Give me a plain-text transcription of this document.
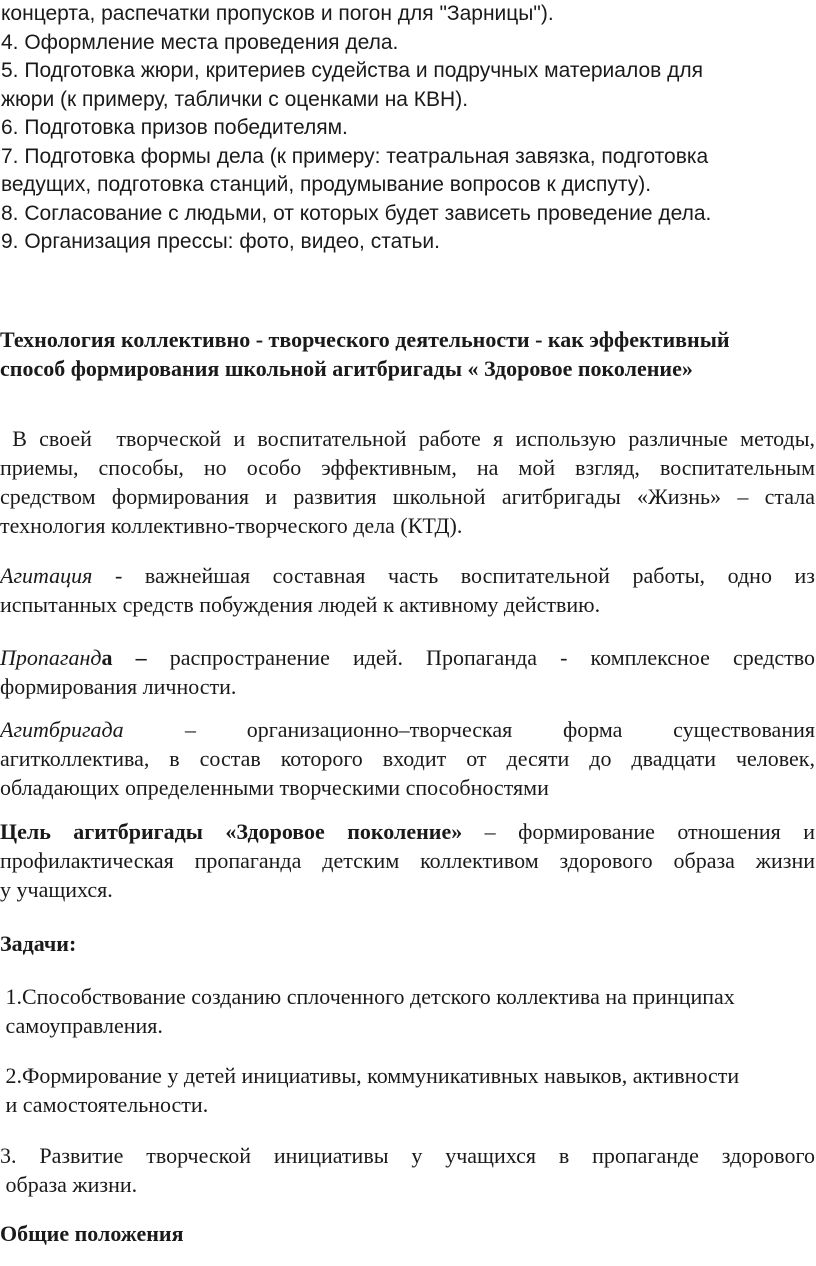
концерта, распечатки пропусков и погон для "Зарницы").
4. Оформление места проведения дела.
5. Подготовка жюри, критериев судейства и подручных материалов для
жюри (к примеру, таблички с оценками на КВН).
6. Подготовка призов победителям.
7. Подготовка формы дела (к примеру: театральная завязка, подготовка
ведущих, подготовка станций, продумывание вопросов к диспуту).
8. Согласование с людьми, от которых будет зависеть проведение дела.
9. Организация прессы: фото, видео, статьи.
Технология коллективно - творческого деятельности - как эффективный
способ формирования школьной агитбригады « Здоровое поколение»
В своей  творческой и воспитательной работе я использую различные методы,
приемы, способы, но особо эффективным, на мой взгляд, воспитательным
средством формирования и развития школьной агитбригады «Жизнь» – стала
технология коллективно-творческого дела (КТД).
Агитация - важнейшая составная часть воспитательной работы, одно из
испытанных средств побуждения людей к активному действию.
Пропаганда – распространение идей. Пропаганда - комплексное средство
формирования личности.
Агитбригада	– организационно–творческая форма существования
агитколлектива, в состав которого входит от десяти до двадцати человек,
обладающих определенными творческими способностями
Цель агитбригады «Здоровое поколение» – формирование отношения и
профилактическая пропаганда детским коллективом здорового образа жизни
у учащихся.
Задачи:
1.Способствование созданию сплоченного детского коллектива на принципах
самоуправления.
2.Формирование у детей инициативы, коммуникативных навыков, активности
и самостоятельности.
3. Развитие творческой инициативы у учащихся в пропаганде здорового
образа жизни.
Общие положения
